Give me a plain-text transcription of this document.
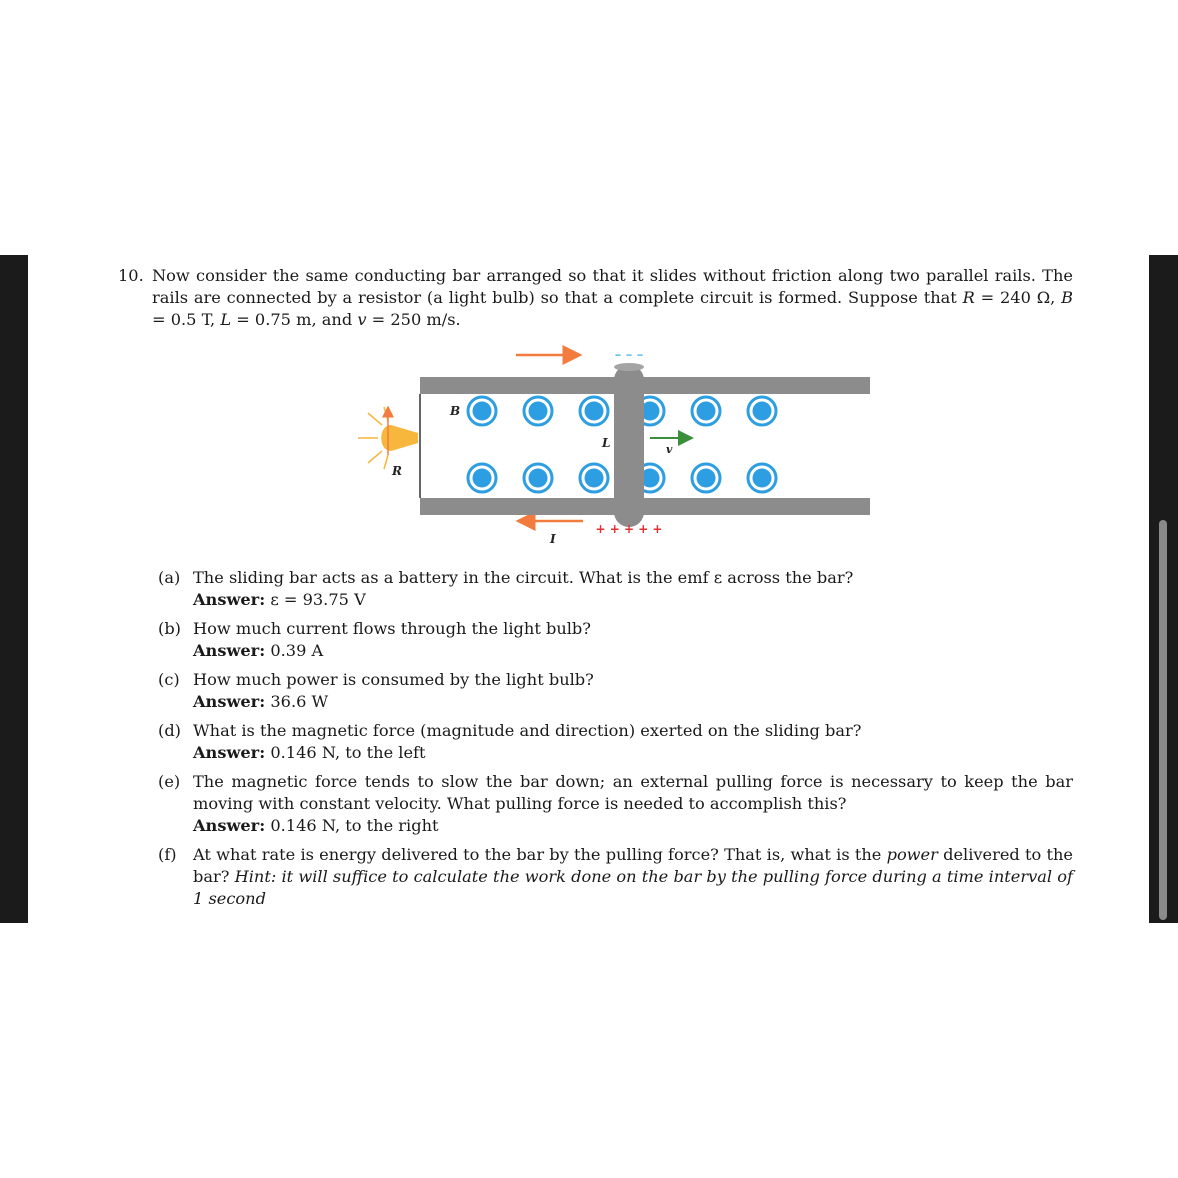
10. Now consider the same conducting bar arranged so that it slides without friction along two parallel rails. The rails are connected by a resistor (a light bulb) so that a complete circuit is formed. Suppose that R = 240 Ω, B = 0.5 T, L = 0.75 m, and v = 250 m/s.
– – –
+ + + + +
B
L	v
R
I
(a) The sliding bar acts as a battery in the circuit. What is the emf ε across the bar?
Answer: ε = 93.75 V
(b) How much current flows through the light bulb?
Answer: 0.39 A
(c) How much power is consumed by the light bulb?
Answer: 36.6 W
(d) What is the magnetic force (magnitude and direction) exerted on the sliding bar?
Answer: 0.146 N, to the left
(e) The magnetic force tends to slow the bar down; an external pulling force is necessary to keep the bar moving with constant velocity. What pulling force is needed to accomplish this?
Answer: 0.146 N, to the right
(f) At what rate is energy delivered to the bar by the pulling force? That is, what is the power delivered to the bar? Hint: it will suffice to calculate the work done on the bar by the pulling force during a time interval of 1 second
